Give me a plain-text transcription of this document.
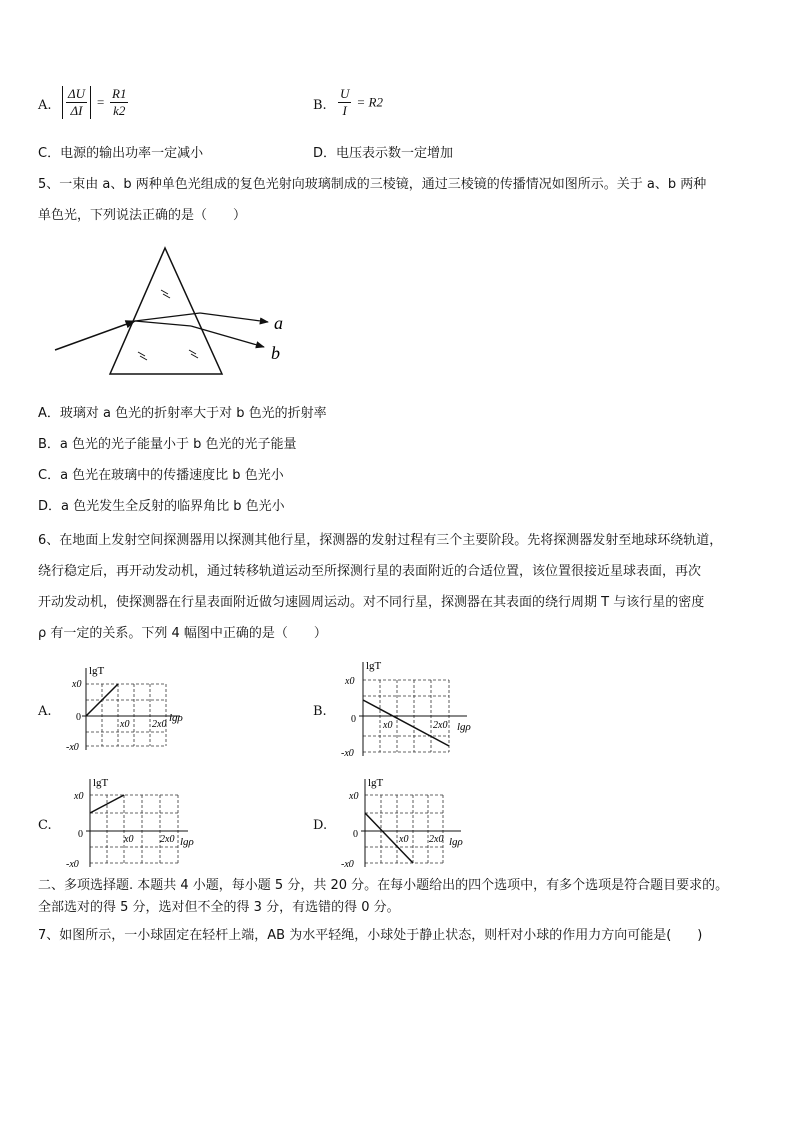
A. $\frac{\Delta U}{\Delta I} = \frac{R1}{k2}$	B. $\frac{U}{I} = R2$
C．电源的输出功率一定减小	D．电压表示数一定增加
5、一束由 a、b 两种单色光组成的复色光射向玻璃制成的三棱镜，通过三棱镜的传播情况如图所示。关于 a、b 两种
单色光，下列说法正确的是（　　）
a
b
A．玻璃对 a 色光的折射率大于对 b 色光的折射率
B．a 色光的光子能量小于 b 色光的光子能量
C．a 色光在玻璃中的传播速度比 b 色光小
D．a 色光发生全反射的临界角比 b 色光小
6、在地面上发射空间探测器用以探测其他行星，探测器的发射过程有三个主要阶段。先将探测器发射至地球环绕轨道，
绕行稳定后，再开动发动机，通过转移轨道运动至所探测行星的表面附近的合适位置，该位置很接近星球表面，再次
开动发动机，使探测器在行星表面附近做匀速圆周运动。对不同行星，探测器在其表面的绕行周期 T 与该行星的密度
ρ 有一定的关系。下列 4 幅图中正确的是（　　）
A.
lgT
lgρ
x0
0
-x0
x0 2x0
B.
lgT
lgρ
x0
0
-x0
x0	2x0
C.
lgT
lgρ
x0
0
-x0
x0	2x0
D.
lgT
lgρ
x0
0
-x0
x0 2x0
二、多项选择题. 本题共 4 小题，每小题 5 分，共 20 分。在每小题给出的四个选项中，有多个选项是符合题目要求的。
全部选对的得 5 分，选对但不全的得 3 分，有选错的得 0 分。
7、如图所示，一小球固定在轻杆上端，AB 为水平轻绳，小球处于静止状态，则杆对小球的作用力方向可能是(　　)
